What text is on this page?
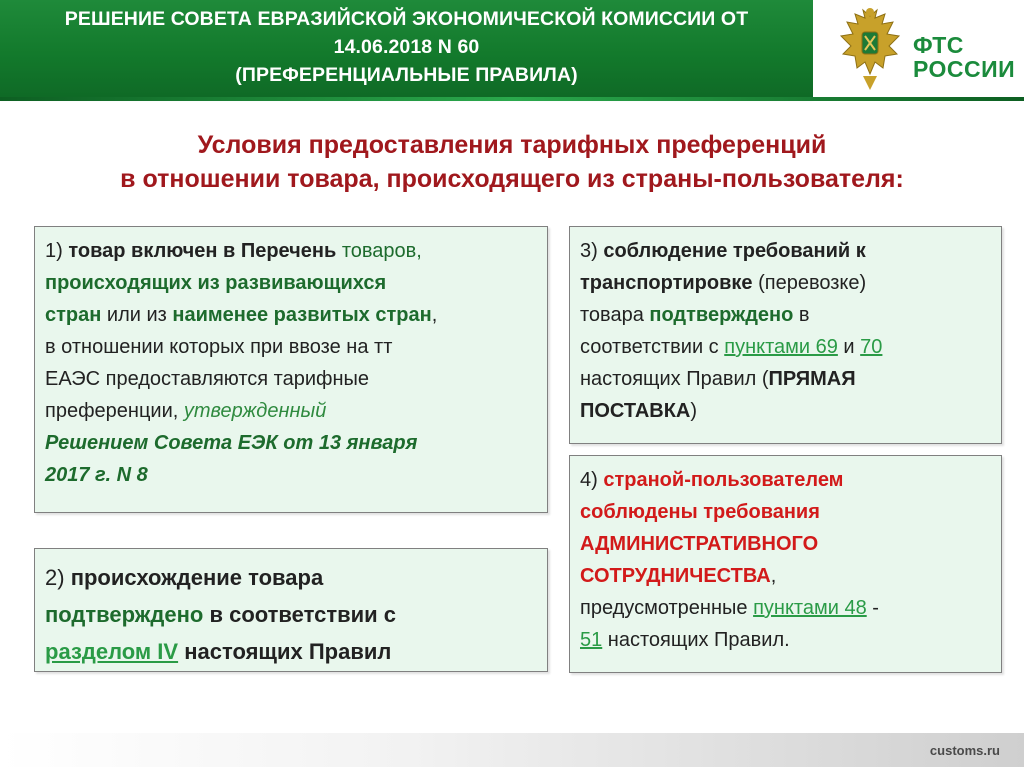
РЕШЕНИЕ СОВЕТА ЕВРАЗИЙСКОЙ ЭКОНОМИЧЕСКОЙ КОМИССИИ ОТ
14.06.2018 N 60
(ПРЕФЕРЕНЦИАЛЬНЫЕ ПРАВИЛА)
ФТС
РОССИИ
Условия предоставления тарифных преференций
в отношении товара, происходящего из страны-пользователя:
1) товар включен в Перечень товаров,
происходящих из развивающихся
стран или из наименее развитых стран,
в отношении которых при ввозе на тт
ЕАЭС предоставляются тарифные
преференции, утвержденный
Решением Совета ЕЭК от 13 января
2017 г. N 8
2) происхождение товара
подтверждено в соответствии с
разделом IV настоящих Правил
3) соблюдение требований к
транспортировке (перевозке)
товара подтверждено в
соответствии с пунктами 69 и 70
настоящих Правил (ПРЯМАЯ
ПОСТАВКА)
4) страной-пользователем
соблюдены требования
АДМИНИСТРАТИВНОГО
СОТРУДНИЧЕСТВА,
предусмотренные пунктами 48 -
51 настоящих Правил.
customs.ru
